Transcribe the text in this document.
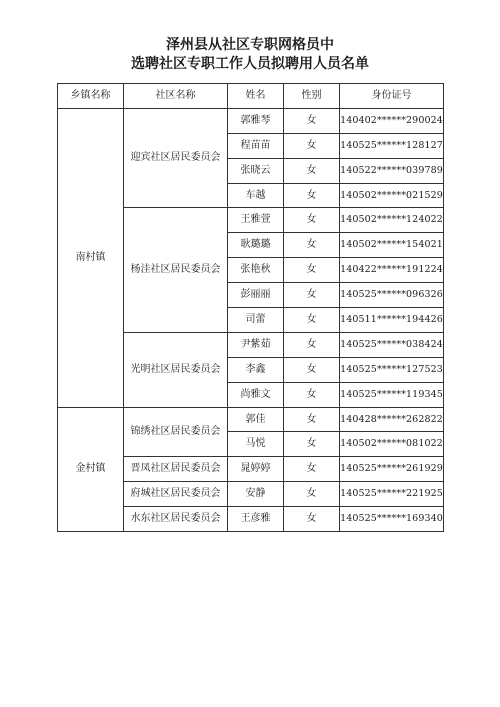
泽州县从社区专职网格员中
选聘社区专职工作人员拟聘用人员名单
乡镇名称	社区名称	姓名	性别	身份证号
南村镇	迎宾社区居民委员会	郭雅琴	女	140402******290024
		程苗苗	女	140525******128127
		张晓云	女	140522******039789
		车越	女	140502******021529
	杨洼社区居民委员会	王雅萱	女	140502******124022
		耿璐璐	女	140502******154021
		张艳秋	女	140422******191224
		彭丽丽	女	140525******096326
		司蕾	女	140511******194426
	光明社区居民委员会	尹紫茹	女	140525******038424
		李鑫	女	140525******127523
		尚雅文	女	140525******119345
金村镇	锦绣社区居民委员会	郭佳	女	140428******262822
		马悦	女	140502******081022
	晋凤社区居民委员会	晁婷婷	女	140525******261929
	府城社区居民委员会	安静	女	140525******221925
	水东社区居民委员会	王彦雅	女	140525******169340
